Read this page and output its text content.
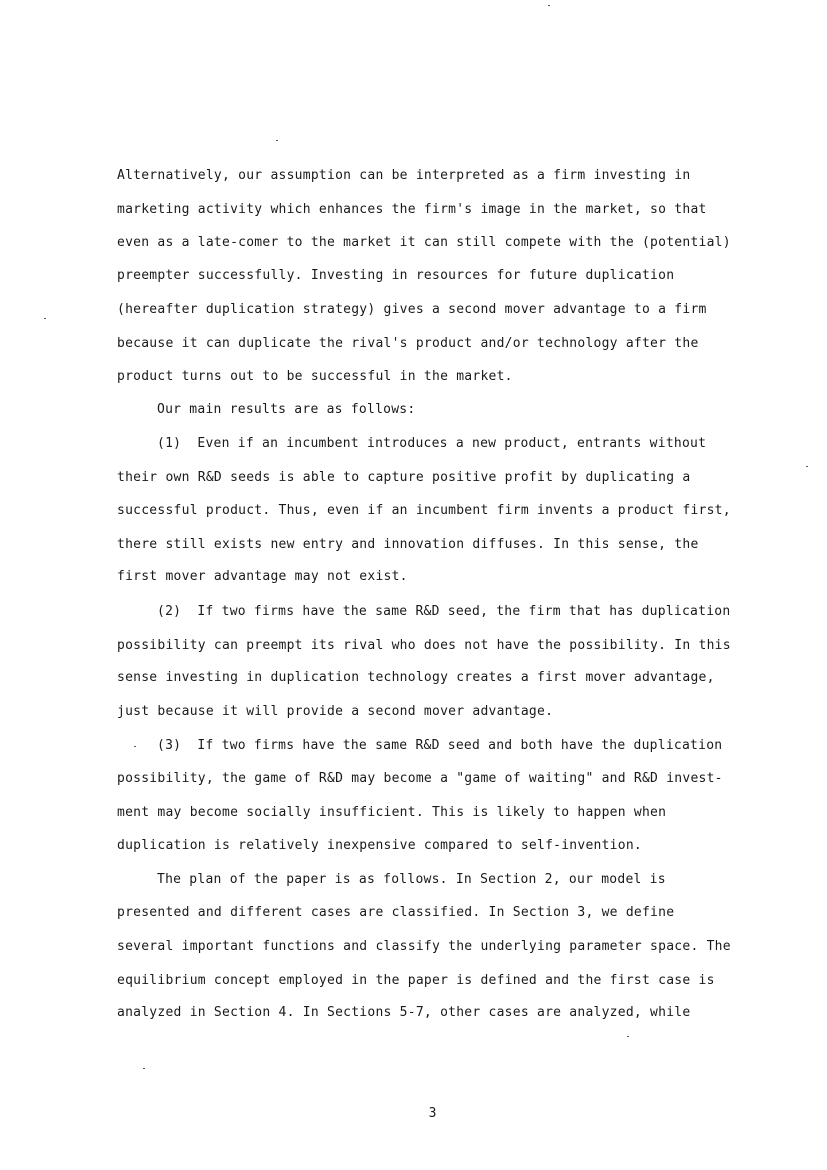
Alternatively, our assumption can be interpreted as a firm investing in
marketing activity which enhances the firm's image in the market, so that
even as a late-comer to the market it can still compete with the (potential)
preempter successfully. Investing in resources for future duplication
(hereafter duplication strategy) gives a second mover advantage to a firm
because it can duplicate the rival's product and/or technology after the
product turns out to be successful in the market.
Our main results are as follows:
(1)  Even if an incumbent introduces a new product, entrants without
their own R&D seeds is able to capture positive profit by duplicating a
successful product. Thus, even if an incumbent firm invents a product first,
there still exists new entry and innovation diffuses. In this sense, the
first mover advantage may not exist.
(2)  If two firms have the same R&D seed, the firm that has duplication
possibility can preempt its rival who does not have the possibility. In this
sense investing in duplication technology creates a first mover advantage,
just because it will provide a second mover advantage.
(3)  If two firms have the same R&D seed and both have the duplication
possibility, the game of R&D may become a "game of waiting" and R&D invest-
ment may become socially insufficient. This is likely to happen when
duplication is relatively inexpensive compared to self-invention.
The plan of the paper is as follows. In Section 2, our model is
presented and different cases are classified. In Section 3, we define
several important functions and classify the underlying parameter space. The
equilibrium concept employed in the paper is defined and the first case is
analyzed in Section 4. In Sections 5-7, other cases are analyzed, while
3
